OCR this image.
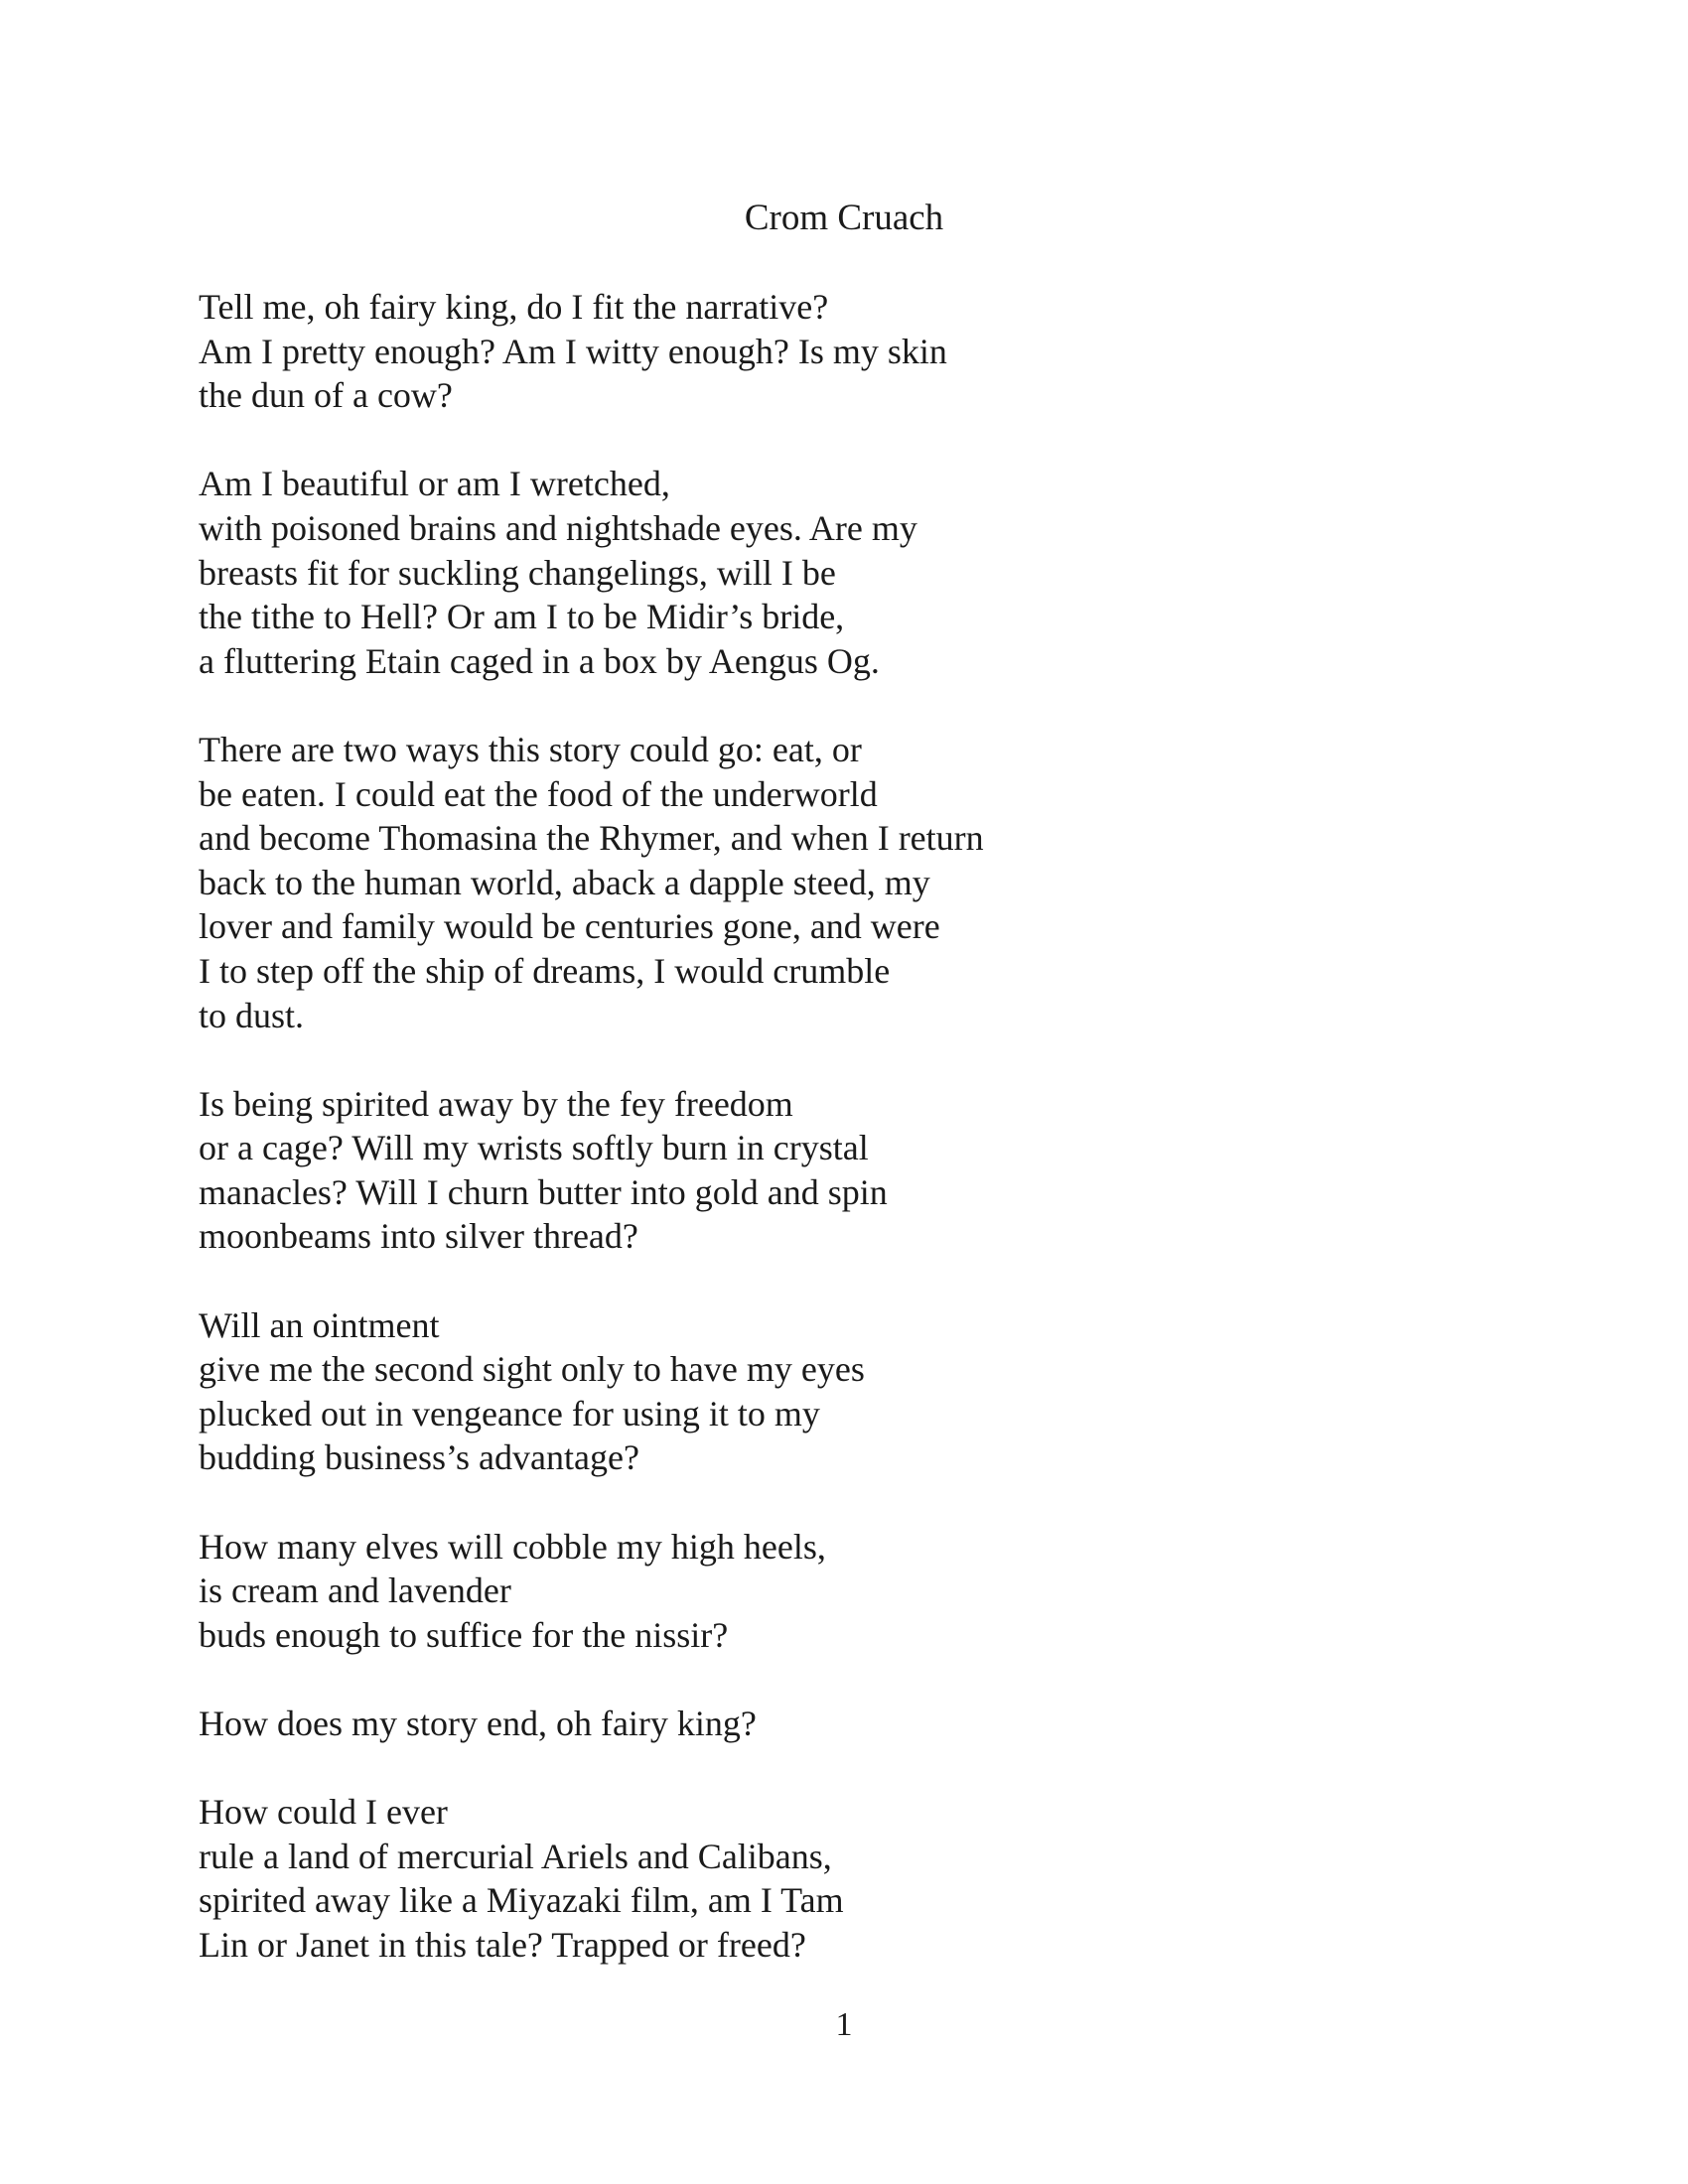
Crom Cruach
Tell me, oh fairy king, do I fit the narrative?
Am I pretty enough? Am I witty enough? Is my skin
the dun of a cow?
Am I beautiful or am I wretched,
with poisoned brains and nightshade eyes. Are my
breasts fit for suckling changelings, will I be
the tithe to Hell? Or am I to be Midir’s bride,
a fluttering Etain caged in a box by Aengus Og.
There are two ways this story could go: eat, or
be eaten. I could eat the food of the underworld
and become Thomasina the Rhymer, and when I return
back to the human world, aback a dapple steed, my
lover and family would be centuries gone, and were
I to step off the ship of dreams, I would crumble
to dust.
Is being spirited away by the fey freedom
or a cage? Will my wrists softly burn in crystal
manacles? Will I churn butter into gold and spin
moonbeams into silver thread?
Will an ointment
give me the second sight only to have my eyes
plucked out in vengeance for using it to my
budding business’s advantage?
How many elves will cobble my high heels,
is cream and lavender
buds enough to suffice for the nissir?
How does my story end, oh fairy king?
How could I ever
rule a land of mercurial Ariels and Calibans,
spirited away like a Miyazaki film, am I Tam
Lin or Janet in this tale? Trapped or freed?
1
